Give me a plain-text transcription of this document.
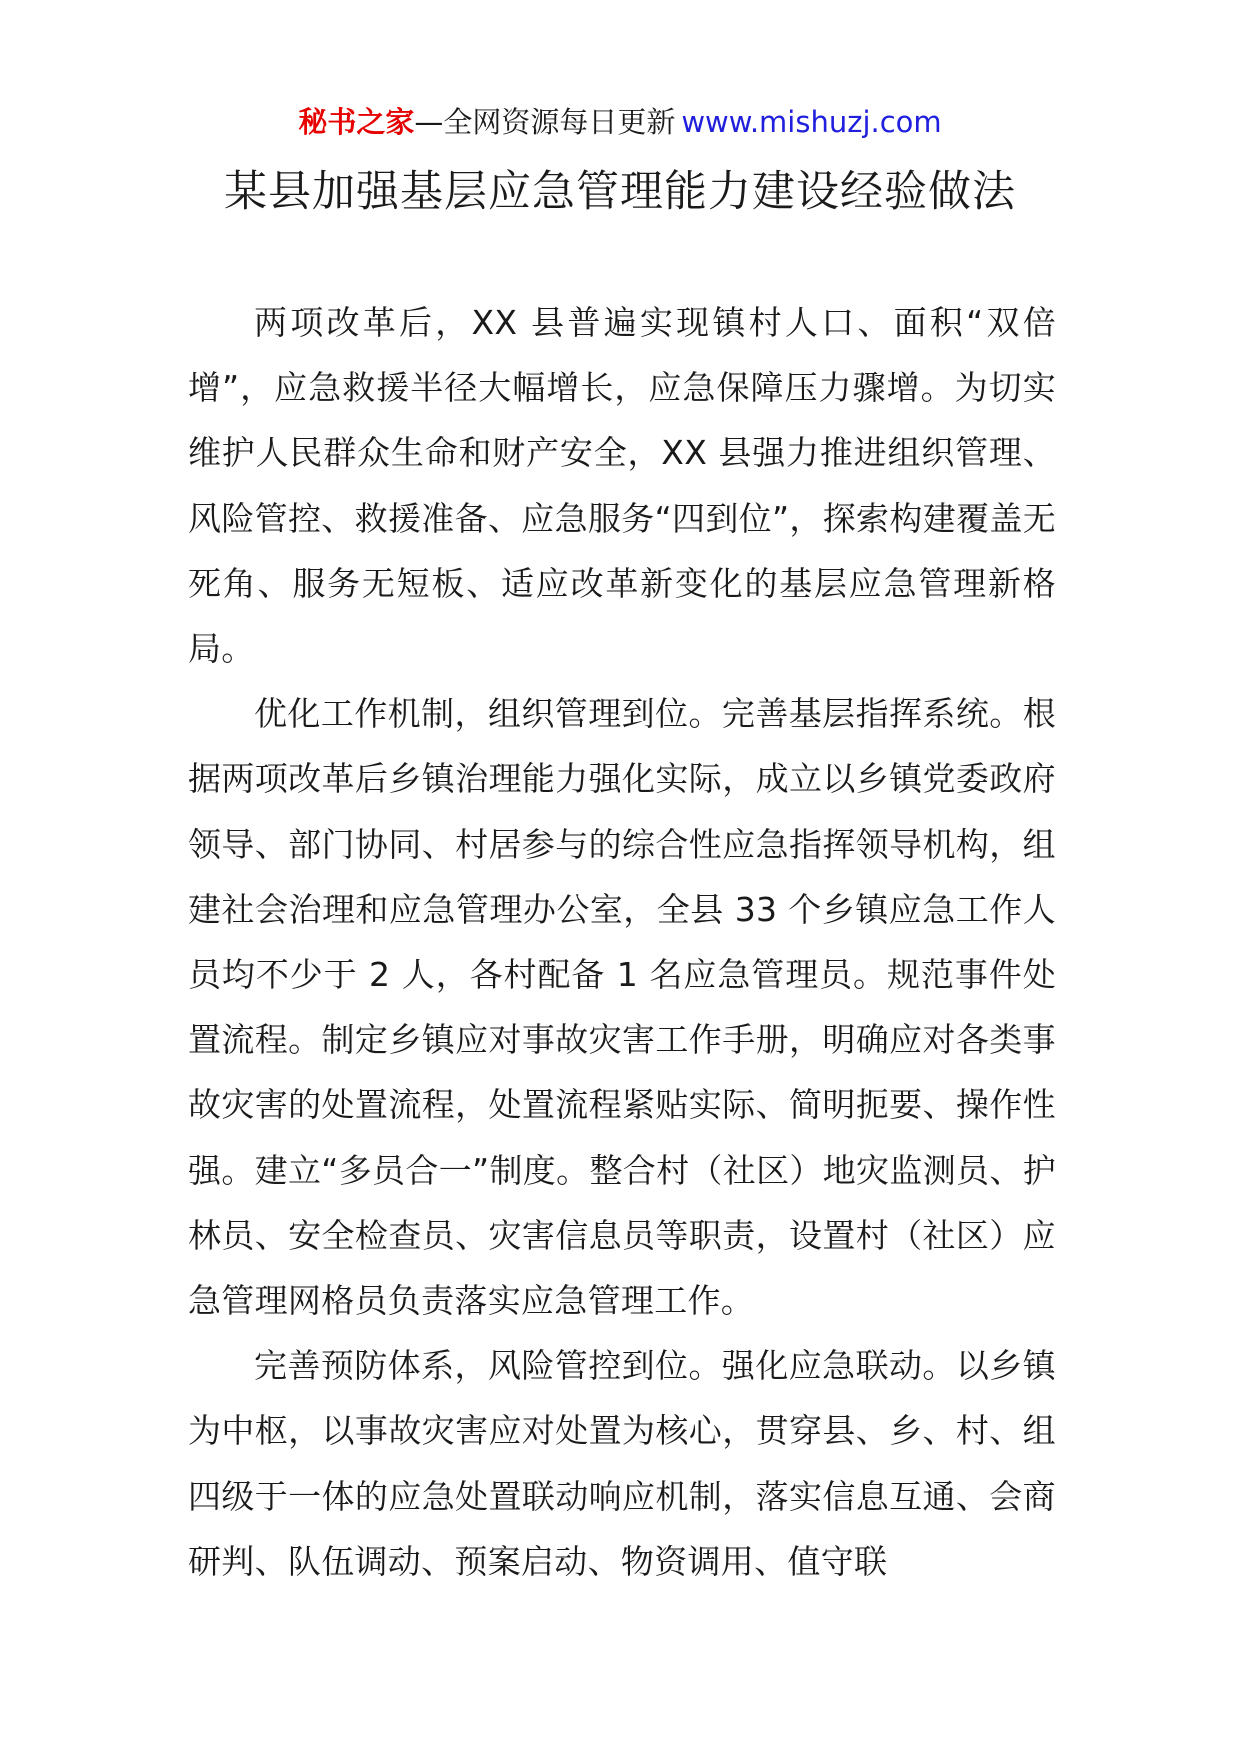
秘书之家—全网资源每日更新 www.mishuzj.com
某县加强基层应急管理能力建设经验做法

两项改革后，XX 县普遍实现镇村人口、面积“双倍增”，应急救援半径大幅增长，应急保障压力骤增。为切实维护人民群众生命和财产安全，XX 县强力推进组织管理、风险管控、救援准备、应急服务“四到位”，探索构建覆盖无死角、服务无短板、适应改革新变化的基层应急管理新格局。

优化工作机制，组织管理到位。完善基层指挥系统。根据两项改革后乡镇治理能力强化实际，成立以乡镇党委政府领导、部门协同、村居参与的综合性应急指挥领导机构，组建社会治理和应急管理办公室，全县 33 个乡镇应急工作人员均不少于 2 人，各村配备 1 名应急管理员。规范事件处置流程。制定乡镇应对事故灾害工作手册，明确应对各类事故灾害的处置流程，处置流程紧贴实际、简明扼要、操作性强。建立“多员合一”制度。整合村（社区）地灾监测员、护林员、安全检查员、灾害信息员等职责，设置村（社区）应急管理网格员负责落实应急管理工作。

完善预防体系，风险管控到位。强化应急联动。以乡镇为中枢，以事故灾害应对处置为核心，贯穿县、乡、村、组四级于一体的应急处置联动响应机制，落实信息互通、会商研判、队伍调动、预案启动、物资调用、值守联
